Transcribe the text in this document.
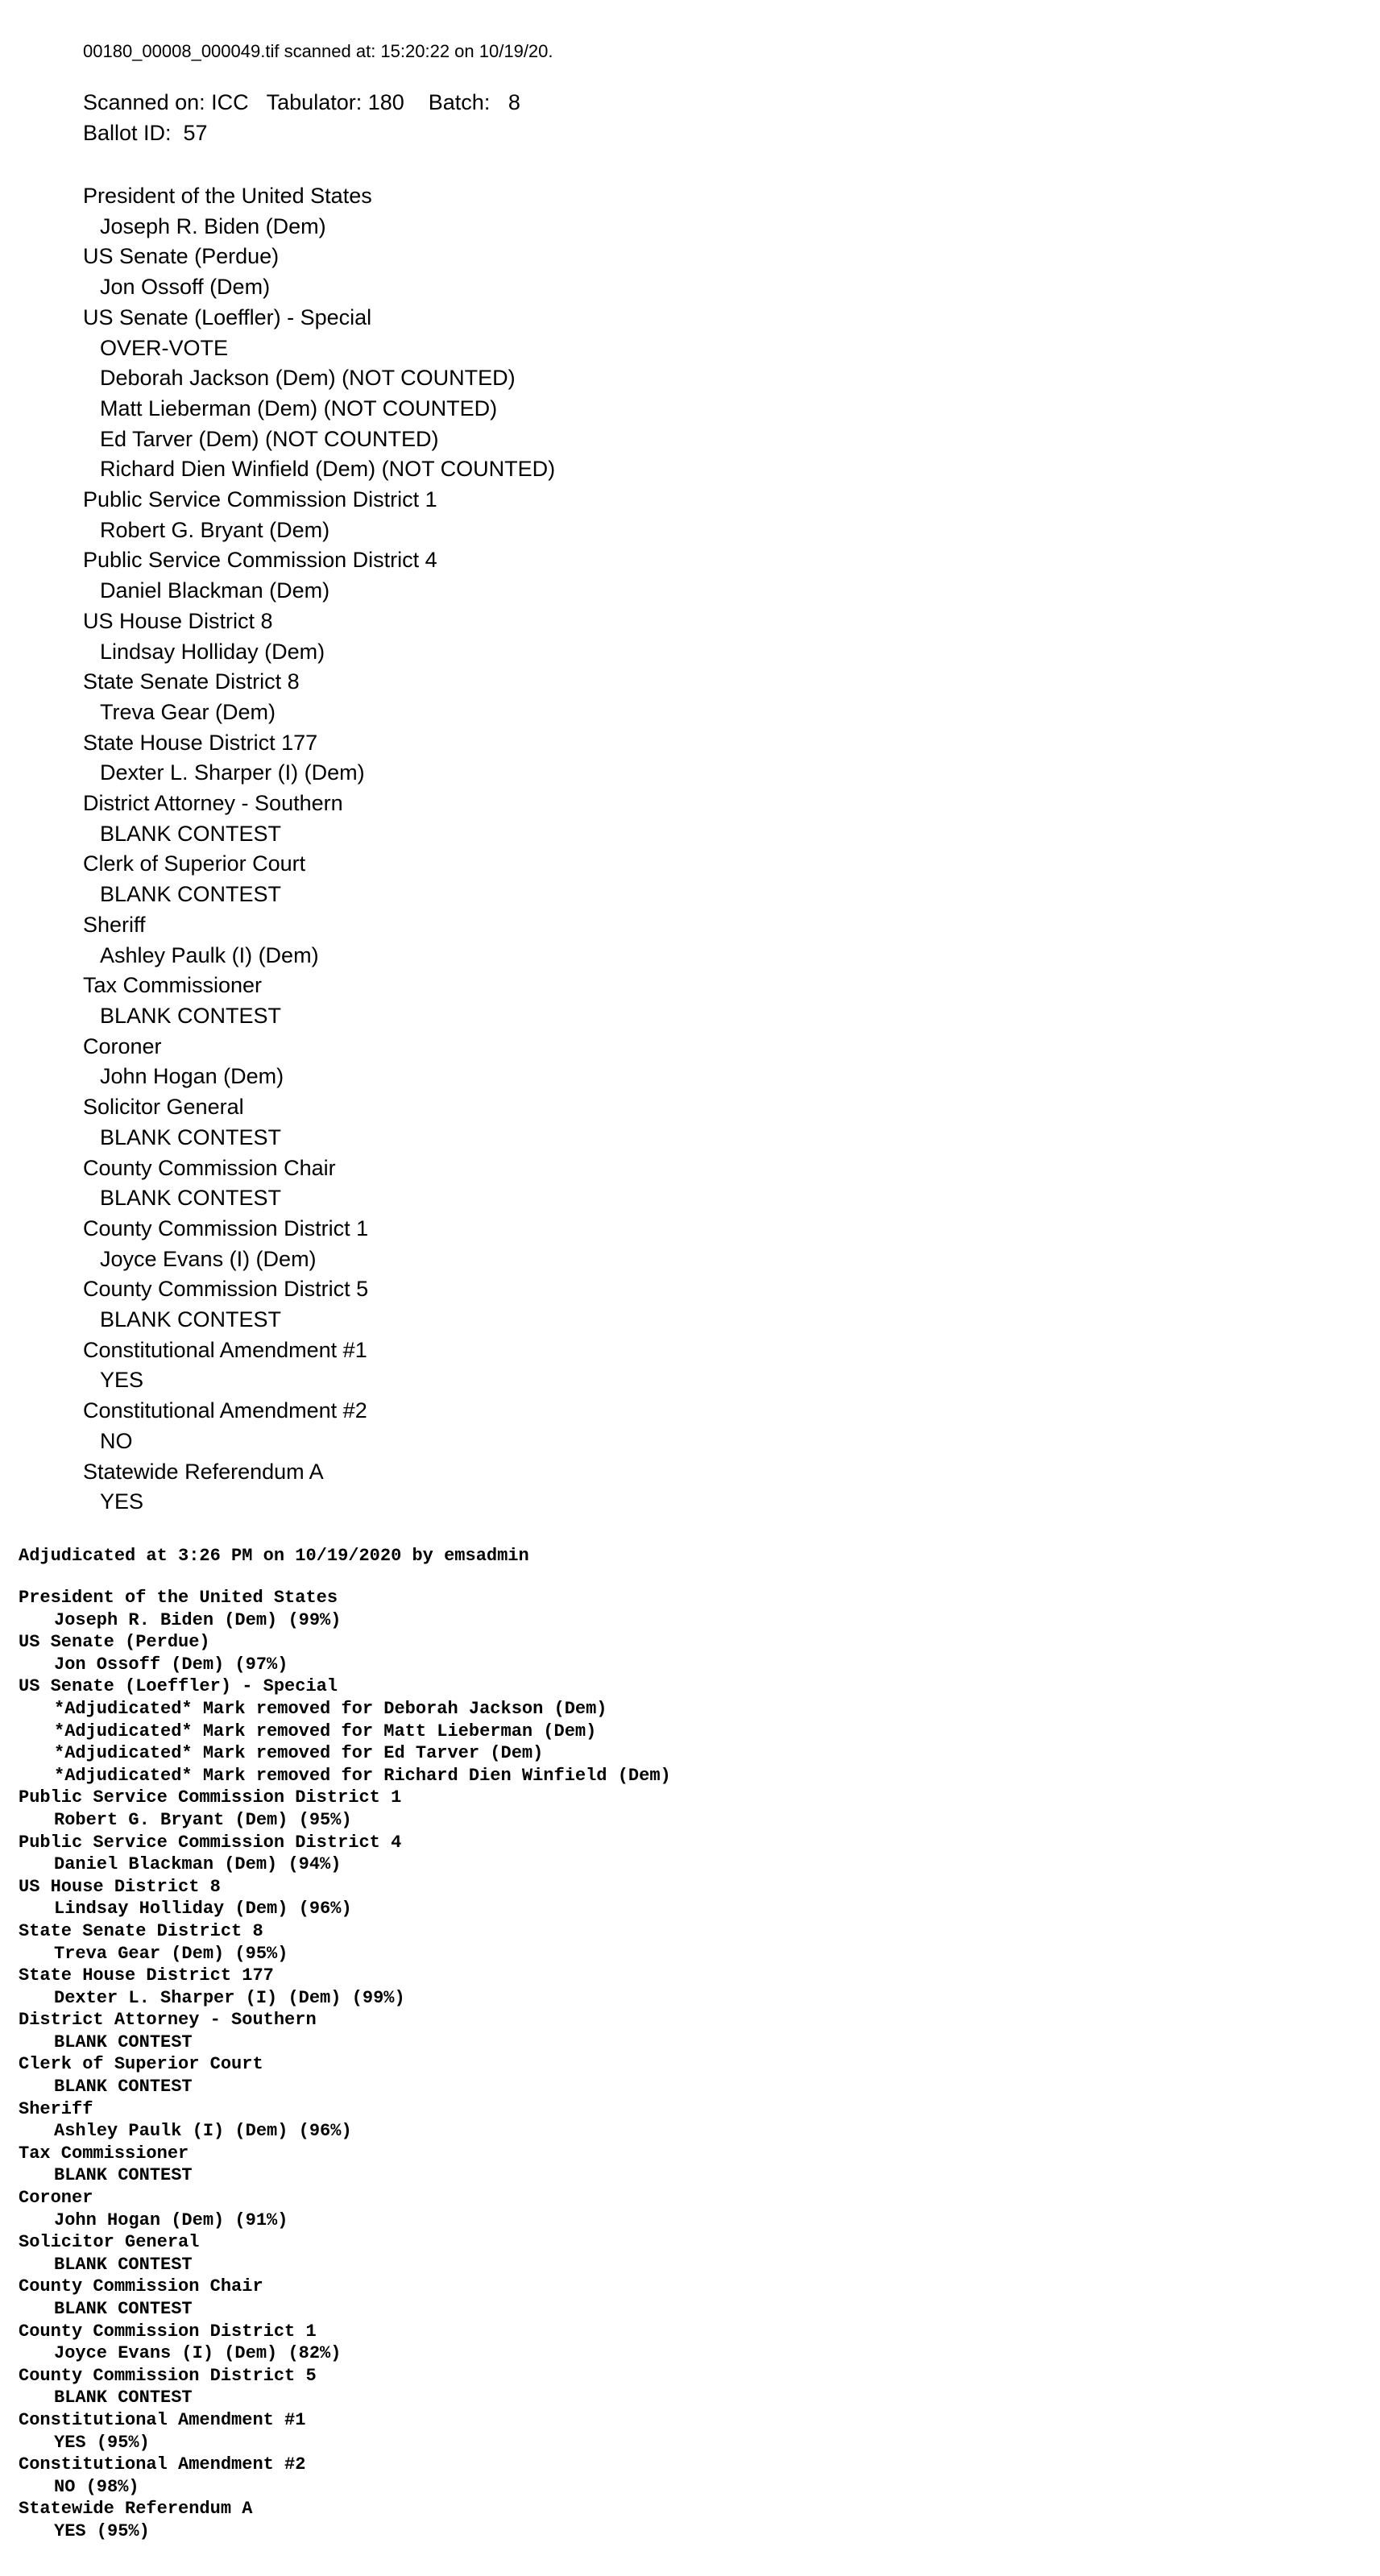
00180_00008_000049.tif scanned at: 15:20:22 on 10/19/20.
Scanned on: ICC   Tabulator: 180    Batch:   8
Ballot ID:  57
President of the United States
Joseph R. Biden (Dem)
US Senate (Perdue)
Jon Ossoff (Dem)
US Senate (Loeffler) - Special
OVER-VOTE
Deborah Jackson (Dem) (NOT COUNTED)
Matt Lieberman (Dem) (NOT COUNTED)
Ed Tarver (Dem) (NOT COUNTED)
Richard Dien Winfield (Dem) (NOT COUNTED)
Public Service Commission District 1
Robert G. Bryant (Dem)
Public Service Commission District 4
Daniel Blackman (Dem)
US House District 8
Lindsay Holliday (Dem)
State Senate District 8
Treva Gear (Dem)
State House District 177
Dexter L. Sharper (I) (Dem)
District Attorney - Southern
BLANK CONTEST
Clerk of Superior Court
BLANK CONTEST
Sheriff
Ashley Paulk (I) (Dem)
Tax Commissioner
BLANK CONTEST
Coroner
John Hogan (Dem)
Solicitor General
BLANK CONTEST
County Commission Chair
BLANK CONTEST
County Commission District 1
Joyce Evans (I) (Dem)
County Commission District 5
BLANK CONTEST
Constitutional Amendment #1
YES
Constitutional Amendment #2
NO
Statewide Referendum A
YES
Adjudicated at 3:26 PM on 10/19/2020 by emsadmin
President of the United States
Joseph R. Biden (Dem) (99%)
US Senate (Perdue)
Jon Ossoff (Dem) (97%)
US Senate (Loeffler) - Special
*Adjudicated* Mark removed for Deborah Jackson (Dem)
*Adjudicated* Mark removed for Matt Lieberman (Dem)
*Adjudicated* Mark removed for Ed Tarver (Dem)
*Adjudicated* Mark removed for Richard Dien Winfield (Dem)
Public Service Commission District 1
Robert G. Bryant (Dem) (95%)
Public Service Commission District 4
Daniel Blackman (Dem) (94%)
US House District 8
Lindsay Holliday (Dem) (96%)
State Senate District 8
Treva Gear (Dem) (95%)
State House District 177
Dexter L. Sharper (I) (Dem) (99%)
District Attorney - Southern
BLANK CONTEST
Clerk of Superior Court
BLANK CONTEST
Sheriff
Ashley Paulk (I) (Dem) (96%)
Tax Commissioner
BLANK CONTEST
Coroner
John Hogan (Dem) (91%)
Solicitor General
BLANK CONTEST
County Commission Chair
BLANK CONTEST
County Commission District 1
Joyce Evans (I) (Dem) (82%)
County Commission District 5
BLANK CONTEST
Constitutional Amendment #1
YES (95%)
Constitutional Amendment #2
NO (98%)
Statewide Referendum A
YES (95%)
